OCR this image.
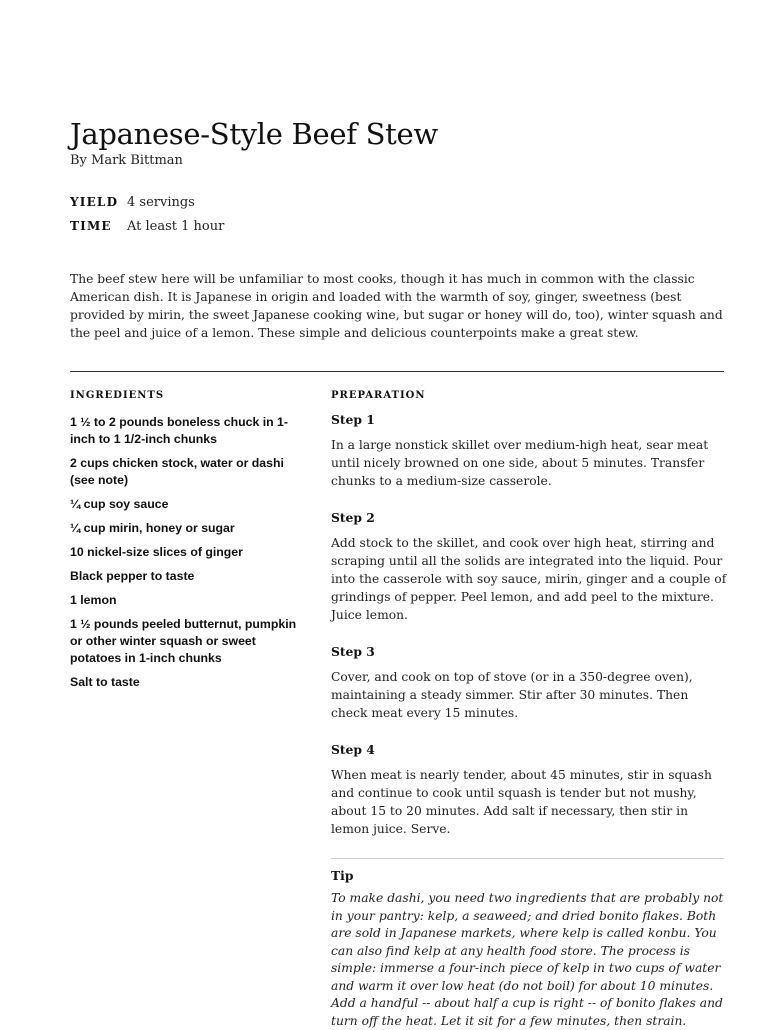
Japanese-Style Beef Stew
By Mark Bittman
YIELD 4 servings
TIME	At least 1 hour

The beef stew here will be unfamiliar to most cooks, though it has much in common with the classic American dish. It is Japanese in origin and loaded with the warmth of soy, ginger, sweetness (best provided by mirin, the sweet Japanese cooking wine, but sugar or honey will do, too), winter squash and the peel and juice of a lemon. These simple and delicious counterpoints make a great stew.

INGREDIENTS	PREPARATION
1 ½ to 2 pounds boneless chuck in 1-inch to 1 1/2-inch chunks
2 cups chicken stock, water or dashi (see note)
¼ cup soy sauce
¼ cup mirin, honey or sugar
10 nickel-size slices of ginger
Black pepper to taste
1 lemon
1 ½ pounds peeled butternut, pumpkin or other winter squash or sweet potatoes in 1-inch chunks
Salt to taste

Step 1

In a large nonstick skillet over medium-high heat, sear meat until nicely browned on one side, about 5 minutes. Transfer chunks to a medium-size casserole.

Step 2

Add stock to the skillet, and cook over high heat, stirring and scraping until all the solids are integrated into the liquid. Pour into the casserole with soy sauce, mirin, ginger and a couple of grindings of pepper. Peel lemon, and add peel to the mixture. Juice lemon.

Step 3

Cover, and cook on top of stove (or in a 350-degree oven), maintaining a steady simmer. Stir after 30 minutes. Then check meat every 15 minutes.

Step 4

When meat is nearly tender, about 45 minutes, stir in squash and continue to cook until squash is tender but not mushy, about 15 to 20 minutes. Add salt if necessary, then stir in lemon juice. Serve.

Tip

To make dashi, you need two ingredients that are probably not in your pantry: kelp, a seaweed; and dried bonito flakes. Both are sold in Japanese markets, where kelp is called konbu. You can also find kelp at any health food store. The process is simple: immerse a four-inch piece of kelp in two cups of water and warm it over low heat (do not boil) for about 10 minutes. Add a handful -- about half a cup is right -- of bonito flakes and turn off the heat. Let it sit for a few minutes, then strain.
